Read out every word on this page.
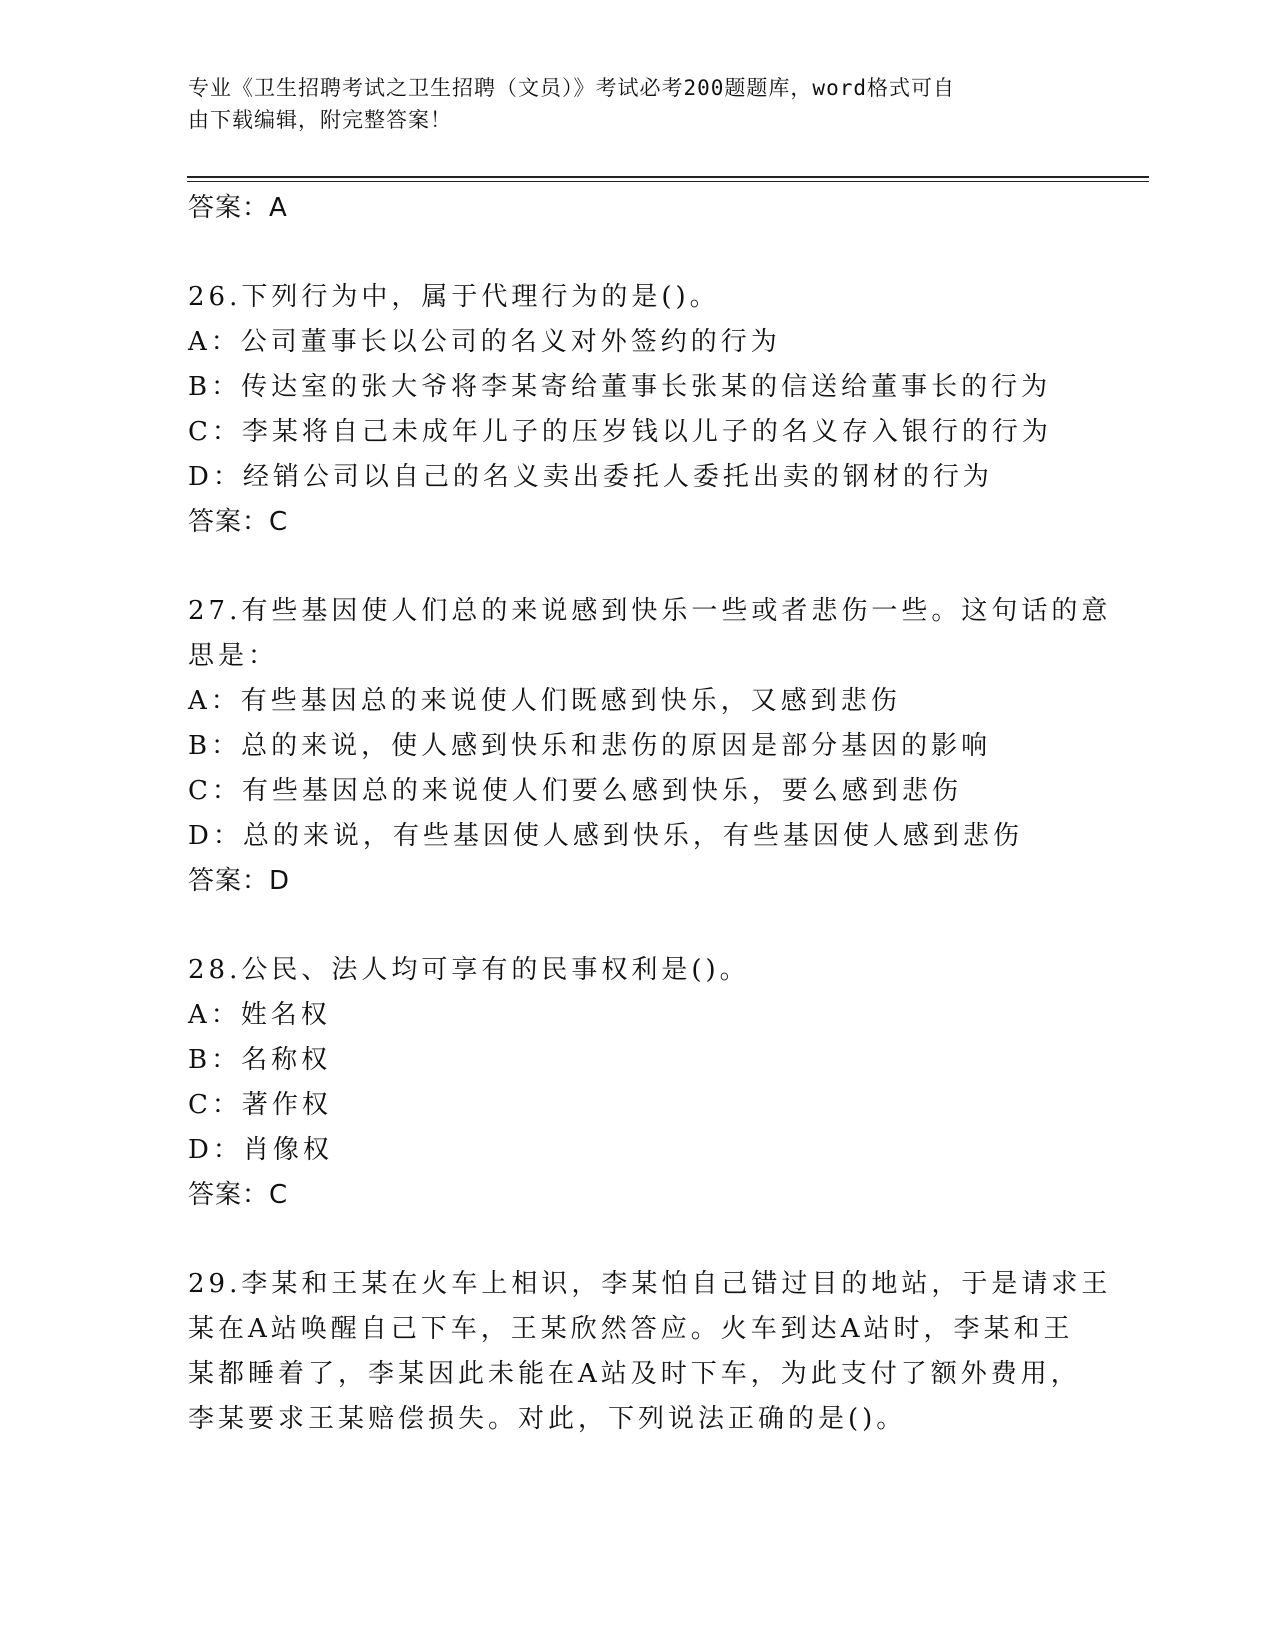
专业《卫生招聘考试之卫生招聘（文员）》考试必考200题题库，word格式可自
由下载编辑，附完整答案！
答案：A
26.下列行为中，属于代理行为的是()。
A：公司董事长以公司的名义对外签约的行为
B：传达室的张大爷将李某寄给董事长张某的信送给董事长的行为
C：李某将自己未成年儿子的压岁钱以儿子的名义存入银行的行为
D：经销公司以自己的名义卖出委托人委托出卖的钢材的行为
答案：C
27.有些基因使人们总的来说感到快乐一些或者悲伤一些。这句话的意
思是：
A：有些基因总的来说使人们既感到快乐，又感到悲伤
B：总的来说，使人感到快乐和悲伤的原因是部分基因的影响
C：有些基因总的来说使人们要么感到快乐，要么感到悲伤
D：总的来说，有些基因使人感到快乐，有些基因使人感到悲伤
答案：D
28.公民、法人均可享有的民事权利是()。
A：姓名权
B：名称权
C：著作权
D：肖像权
答案：C
29.李某和王某在火车上相识，李某怕自己错过目的地站，于是请求王
某在A站唤醒自己下车，王某欣然答应。火车到达A站时，李某和王
某都睡着了，李某因此未能在A站及时下车，为此支付了额外费用，
李某要求王某赔偿损失。对此，下列说法正确的是()。
